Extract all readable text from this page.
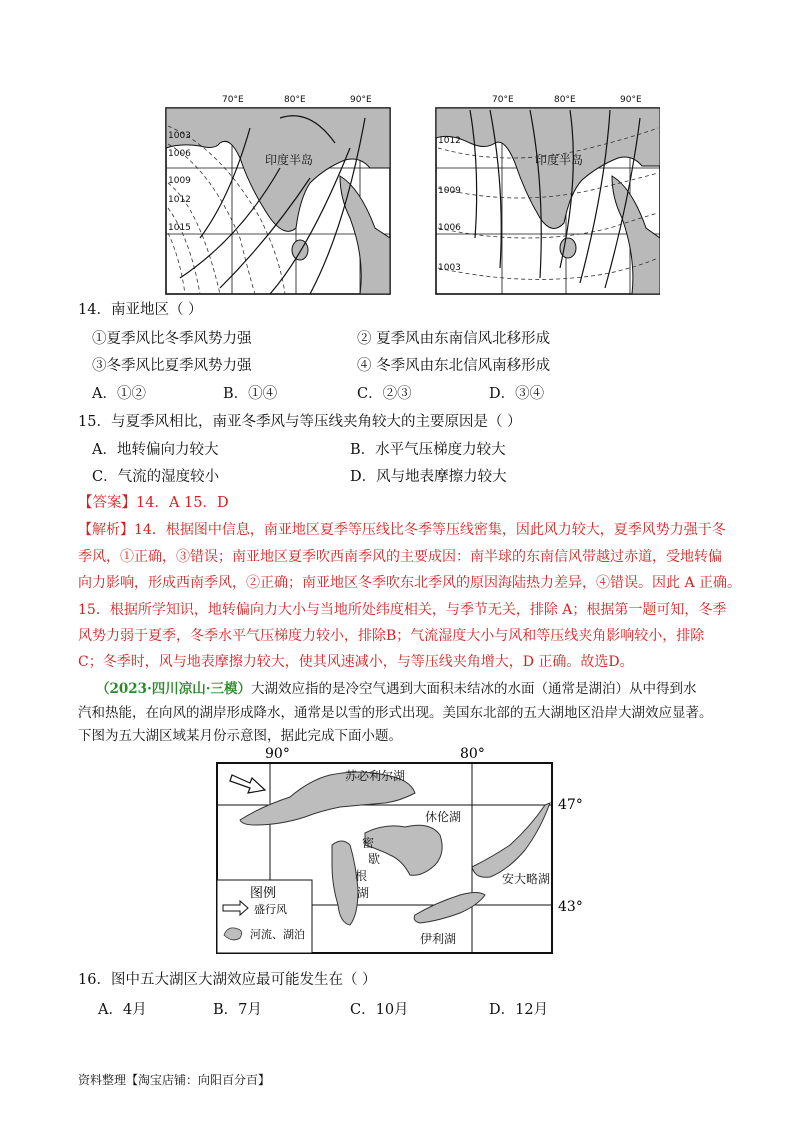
70°E	80°E	90°E
印度半岛
1003
1006
1009
1012
1015
70°E	80°E	90°E
印度半岛
1012
1009
1006
1003
14．南亚地区（ ）
①夏季风比冬季风势力强	② 夏季风由东南信风北移形成
③冬季风比夏季风势力强	④ 冬季风由东北信风南移形成
A．①②	B．①④	C．②③	D．③④
15．与夏季风相比，南亚冬季风与等压线夹角较大的主要原因是（ ）
A．地转偏向力较大	B．水平气压梯度力较大
C．气流的湿度较小	D．风与地表摩擦力较大
【答案】14．A 15．D
【解析】14．根据图中信息，南亚地区夏季等压线比冬季等压线密集，因此风力较大，夏季风势力强于冬
季风，①正确，③错误；南亚地区夏季吹西南季风的主要成因：南半球的东南信风带越过赤道，受地转偏
向力影响，形成西南季风，②正确；南亚地区冬季吹东北季风的原因海陆热力差异，④错误。因此 A 正确。
15．根据所学知识，地转偏向力大小与当地所处纬度相关，与季节无关，排除 A；根据第一题可知，冬季
风势力弱于夏季，冬季水平气压梯度力较小，排除B；气流湿度大小与风和等压线夹角影响较小，排除
C；冬季时，风与地表摩擦力较大，使其风速减小，与等压线夹角增大，D 正确。故选D。
（2023·四川凉山·三模）大湖效应指的是冷空气遇到大面积未结冰的水面（通常是湖泊）从中得到水
汽和热能，在向风的湖岸形成降水，通常是以雪的形式出现。美国东北部的五大湖地区沿岸大湖效应显著。
下图为五大湖区域某月份示意图，据此完成下面小题。
90°	80°
47°
43°
苏必利尔湖
休伦湖
密
歇
根
湖
安大略湖
伊利湖
图例
盛行风
河流、湖泊
16．图中五大湖区大湖效应最可能发生在（ ）
A．4月	B．7月	C．10月	D．12月
资料整理【淘宝店铺：向阳百分百】
